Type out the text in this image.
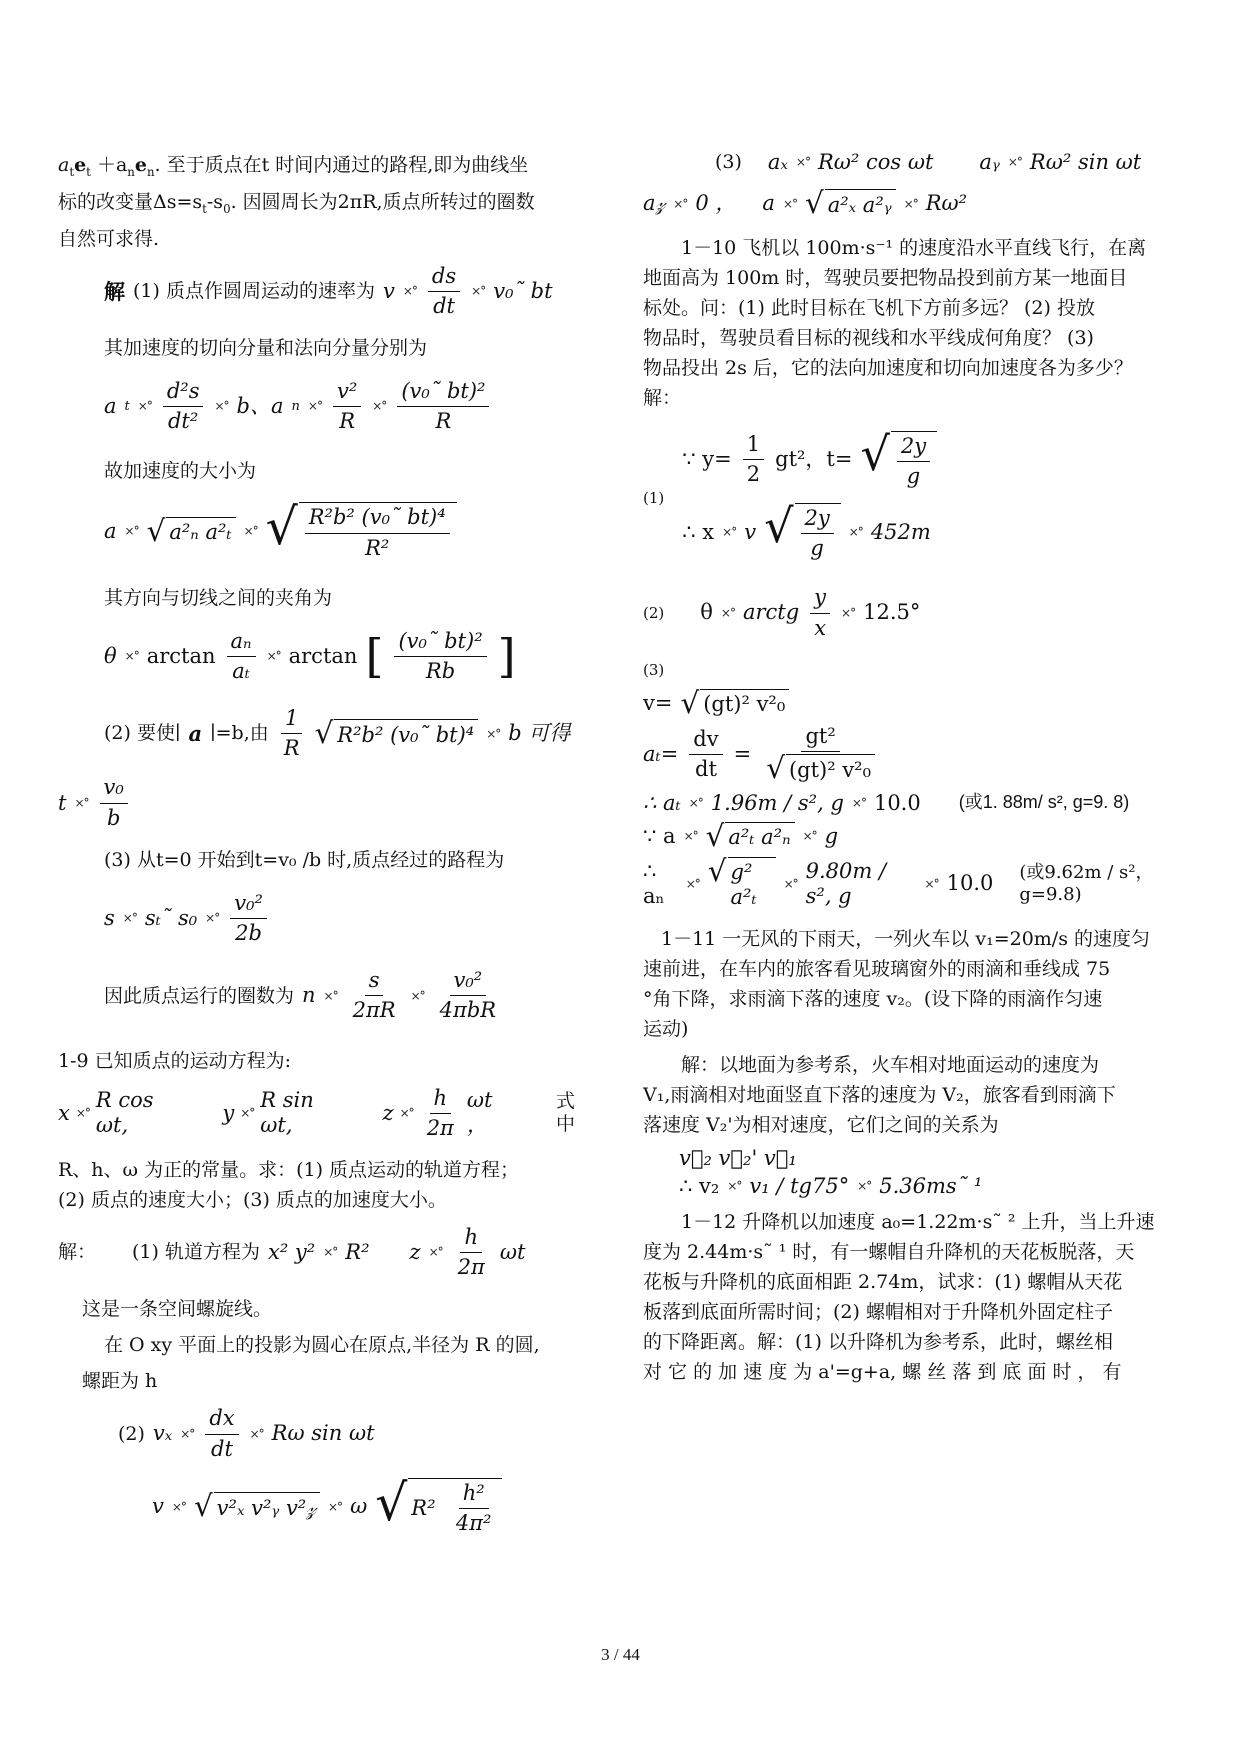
$a_te_t +a_ne_n$. 至于质点在t 时间内通过的路程,即为曲线坐
标的改变量$\Delta s=s_t-s_0$. 因圆周长为2πR,质点所转过的圈数
自然可求得.

解 (1) 质点作圆周运动的速率为 v ×° $\frac{ds}{dt}$ ×° v₀˜ bt

其加速度的切向分量和法向分量分别为

a t ×° $\frac{\text{d²s}}{\text{dt²}}$ ×° b、a n ×° $\frac{\text{v²}}{R}$ ×° $\frac{\text{(v₀˜ bt)²}}{R}$

故加速度的大小为

a ×° √ a²ₙ a²ₜ	×° √ $\frac{\text{R²b² (v₀˜ bt)⁴}}{\text{R²}}$

其方向与切线之间的夹角为

θ ×° $\arctan \frac{\text{aₙ}}{\text{aₜ}}$ ×° arctan [ $\frac{\text{(v₀˜ bt)²}}{Rb}$ ]
(2) 要使∣ a ∣=b,由 $\frac{1}{R}$ √ R²b² (v₀˜ bt)⁴	×° b 可得
t ×° $\frac{\text{v₀}}{b}$

(3) 从t=0 开始到t=v₀ /b 时,质点经过的路程为

s ×° sₜ˜ s₀ ×° $\frac{\text{v₀²}}{2b}$
因此质点运行的圈数为 n ×° $\frac{s}{2\pi R}$ ×° $\frac{\text{v₀²}}{\text{4πbR}}$

1-9 已知质点的运动方程为:

x ×°
R cos ωt,
y ×°
R sin ωt,
z ×° $\frac{h}{2\pi}$ ωt ，
式 中

R、h、ω 为正的常量。求：(1) 质点运动的轨道方程；
(2) 质点的速度大小；(3) 质点的加速度大小。

解： (1) 轨道方程为 x² y² ×° R² z ×° $\frac{h}{2\pi}$ ωt

这是一条空间螺旋线。

在 O xy 平面上的投影为圆心在原点,半径为 R 的圆,

螺距为 h

(2) vₓ ×° $\frac{dx}{dt}$ ×° Rω sin ωt
v ×° √ v²ₓ v²ᵧ v²𝓏	×° ω √ R²
$\frac{\text{h²}}{\text{4π²}}$
(3) aₓ ×° Rω² cos ωt aᵧ ×° Rω² sin ωt
a𝓏 ×° 0 ， a ×° √ a²ₓ a²ᵧ	×° Rω²

1－10 飞机以 100m·s⁻¹ 的速度沿水平直线飞行，在离
地面高为 100m 时，驾驶员要把物品投到前方某一地面目
标处。问：(1) 此时目标在飞机下方前多远？ (2) 投放
物品时，驾驶员看目标的视线和水平线成何角度？ (3)
物品投出 2s 后，它的法向加速度和切向加速度各为多少？
解：

(1)
∵ $y= \frac{1}{2} gt^2$，t= √ $\frac{2y}{g}$
∴ x ×° v √ $\frac{2y}{g}$ ×° 452m
(2) θ ×° arctg $\frac{y}{x}$ ×° 12.5°

(3)

v= √ (gt)² v²₀
$a_t= \frac{dv}{dt} = \frac{\text{gt²}}{\text{√ (gt)² v²₀}}$
∴ aₜ ×° 1.96m / s², g ×° 10.0 (或1. 88m/ s², g=9. 8)
∵ a ×° √ a²ₜ a²ₙ	×° g
∴ aₙ
×° √ g² a²ₜ
×°
9.80m / s², g
×° 10.0 (或9.62m / s²，g=9.8)

1－11 一无风的下雨天，一列火车以 v₁=20m/s 的速度匀
速前进，在车内的旅客看见玻璃窗外的雨滴和垂线成 75
°角下降，求雨滴下落的速度 v₂。(设下降的雨滴作匀速
运动)

解：以地面为参考系，火车相对地面运动的速度为
V₁,雨滴相对地面竖直下落的速度为 V₂，旅客看到雨滴下
落速度 V₂'为相对速度，它们之间的关系为

v⃗₂ v⃗₂' v⃗₁
∴ v₂ ×° v₁ / tg75° ×° 5.36ms˜ ¹

1－12 升降机以加速度 a₀=1.22m·s˜ ² 上升，当上升速
度为 2.44m·s˜ ¹ 时，有一螺帽自升降机的天花板脱落，天
花板与升降机的底面相距 2.74m，试求：(1) 螺帽从天花
板落到底面所需时间；(2) 螺帽相对于升降机外固定柱子
的下降距离。解：(1) 以升降机为参考系，此时，螺丝相
对 它 的 加 速 度 为 a'=g+a, 螺 丝 落 到 底 面 时 ， 有

3 / 44
